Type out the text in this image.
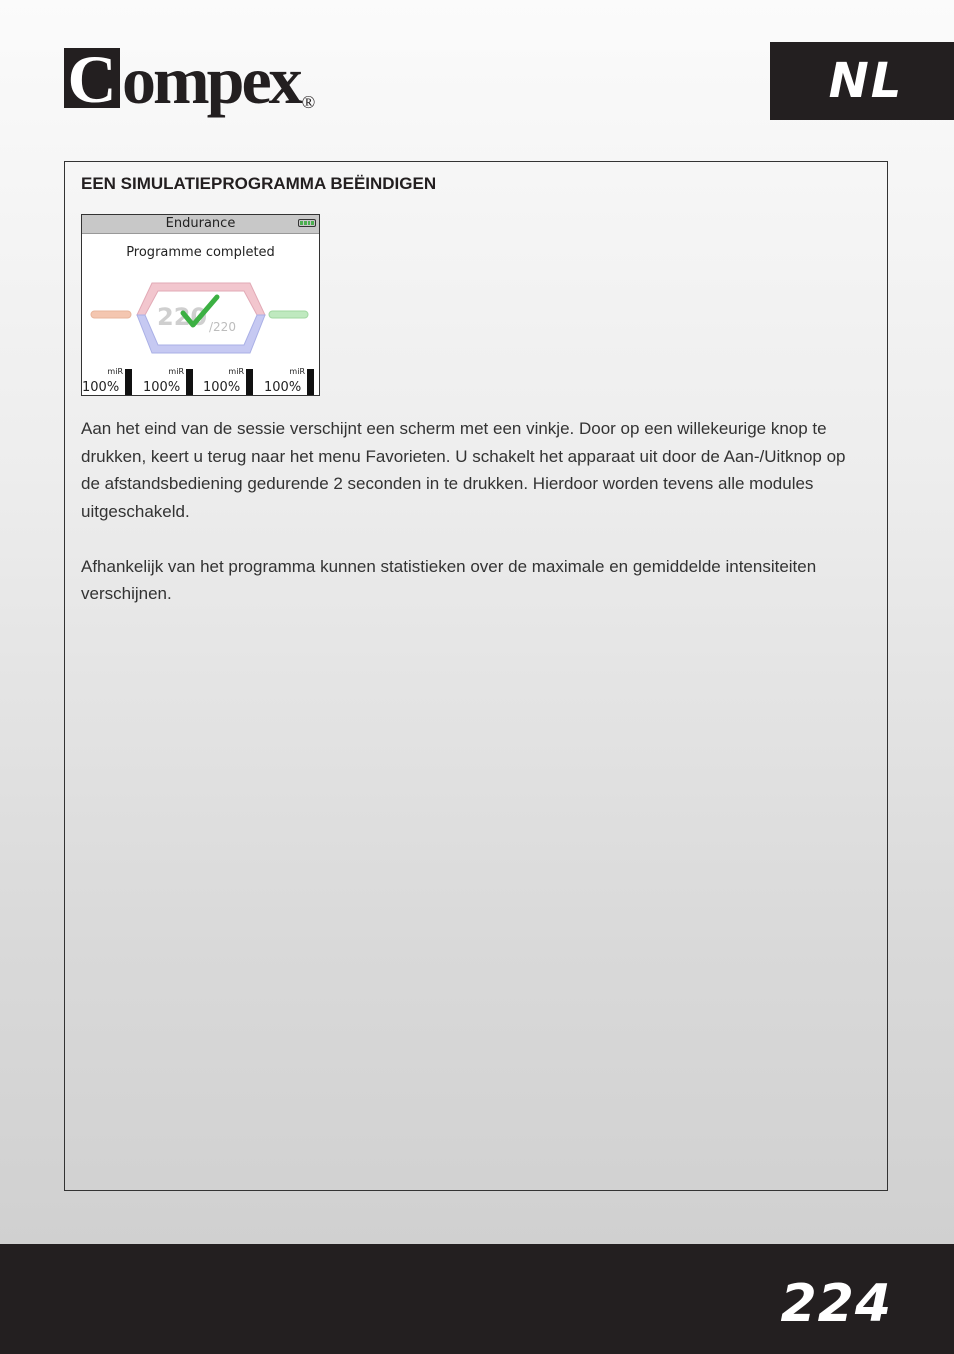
C ompex ®	NL
EEN SIMULATIEPROGRAMMA BEËINDIGEN
Endurance
Programme completed
220 /220
miR
100%
miR
100%
miR
100%
miR
100%

Aan het eind van de sessie verschijnt een scherm met een vinkje. Door op een willekeurige knop te drukken, keert u terug naar het menu Favorieten. U schakelt het apparaat uit door de Aan-/Uitknop op de afstandsbediening gedurende 2 seconden in te drukken. Hierdoor worden tevens alle modules uitgeschakeld.

Afhankelijk van het programma kunnen statistieken over de maximale en gemiddelde intensiteiten verschijnen.

224
